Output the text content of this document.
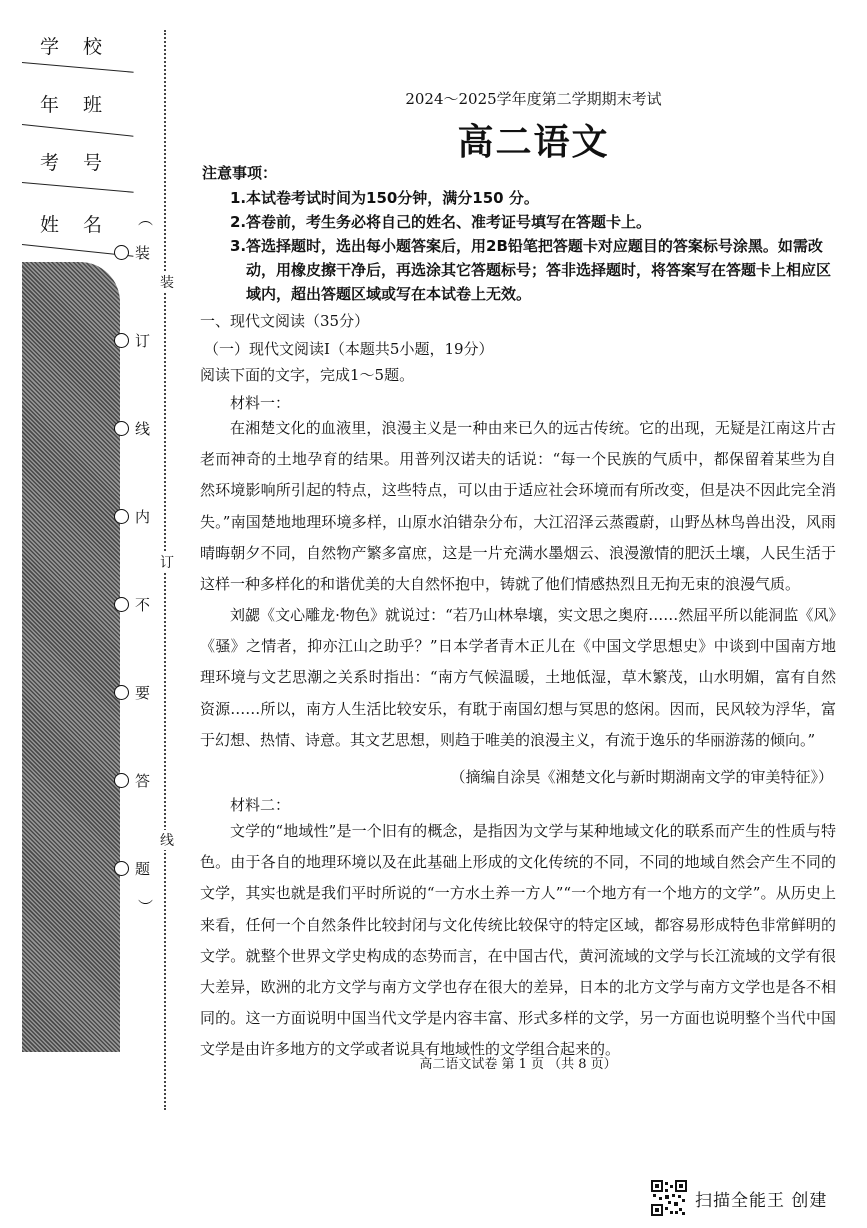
学校
年班
考号
姓名 ︵
装
订
线
内
不
要
答
题
︶
装
订
线
2024～2025学年度第二学期期末考试
高二语文
注意事项：
1. 本试卷考试时间为150分钟，满分150 分。
2. 答卷前，考生务必将自己的姓名、准考证号填写在答题卡上。
3. 答选择题时，选出每小题答案后，用2B铅笔把答题卡对应题目的答案标号涂黑。如需改动，用橡皮擦干净后，再选涂其它答题标号；答非选择题时，将答案写在答题卡上相应区域内，超出答题区域或写在本试卷上无效。
一、现代文阅读（35分）
（一）现代文阅读Ⅰ（本题共5小题，19分）
阅读下面的文字，完成1～5题。
材料一：
在湘楚文化的血液里，浪漫主义是一种由来已久的远古传统。它的出现，无疑是江南这片古老而神奇的土地孕育的结果。用普列汉诺夫的话说：“每一个民族的气质中，都保留着某些为自然环境影响所引起的特点，这些特点，可以由于适应社会环境而有所改变，但是决不因此完全消失。”南国楚地地理环境多样，山原水泊错杂分布，大江沼泽云蒸霞蔚，山野丛林鸟兽出没，风雨晴晦朝夕不同，自然物产繁多富庶，这是一片充满水墨烟云、浪漫激情的肥沃土壤，人民生活于这样一种多样化的和谐优美的大自然怀抱中，铸就了他们情感热烈且无拘无束的浪漫气质。
刘勰《文心雕龙·物色》就说过：“若乃山林皋壤，实文思之奥府……然屈平所以能洞监《风》《骚》之情者，抑亦江山之助乎？”日本学者青木正儿在《中国文学思想史》中谈到中国南方地理环境与文艺思潮之关系时指出：“南方气候温暖，土地低湿，草木繁茂，山水明媚，富有自然资源……所以，南方人生活比较安乐，有耽于南国幻想与冥思的悠闲。因而，民风较为浮华，富于幻想、热情、诗意。其文艺思想，则趋于唯美的浪漫主义，有流于逸乐的华丽游荡的倾向。”
（摘编自涂昊《湘楚文化与新时期湖南文学的审美特征》）
材料二：
文学的“地域性”是一个旧有的概念，是指因为文学与某种地域文化的联系而产生的性质与特色。由于各自的地理环境以及在此基础上形成的文化传统的不同，不同的地域自然会产生不同的文学，其实也就是我们平时所说的“一方水土养一方人”“一个地方有一个地方的文学”。从历史上来看，任何一个自然条件比较封闭与文化传统比较保守的特定区域，都容易形成特色非常鲜明的文学。就整个世界文学史构成的态势而言，在中国古代，黄河流域的文学与长江流域的文学有很大差异，欧洲的北方文学与南方文学也存在很大的差异，日本的北方文学与南方文学也是各不相同的。这一方面说明中国当代文学是内容丰富、形式多样的文学，另一方面也说明整个当代中国文学是由许多地方的文学或者说具有地域性的文学组合起来的。
高二语文试卷 第 1 页 （共 8 页）
扫描全能王 创建
